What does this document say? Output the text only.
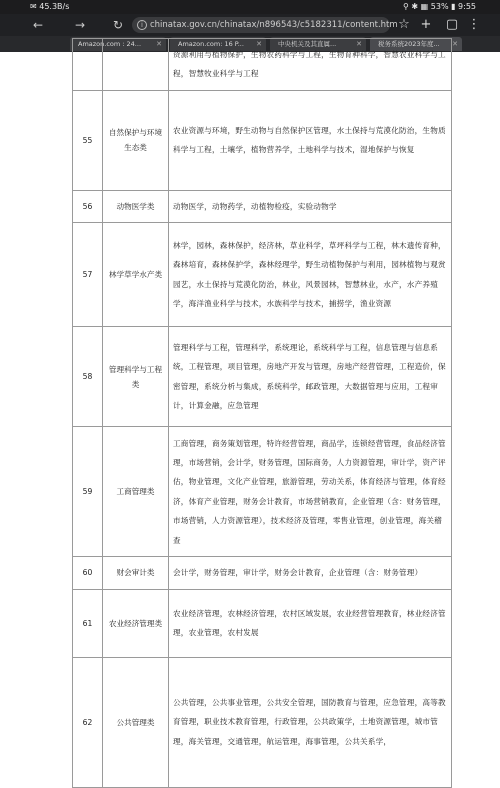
✉ 45.3B/s	⚲ ✱ ▦ 53% ▮ 9:55
←	→ ↻	i chinatax.gov.cn/chinatax/n896543/c5182311/content.htm ☆ + ▢ ⋮
Amazon.com : 24... ✕	Amazon.com: 16 P... ✕	中央机关及其直属...	✕	税务系统2023年度... ✕
		资源利用与植物保护，生物农药科学与工程，生物育种科学，智慧农业科学与工程，智慧牧业科学与工程
55	自然保护与环境生态类	农业资源与环境，野生动物与自然保护区管理，水土保持与荒漠化防治，生物质科学与工程，土壤学，植物营养学，土地科学与技术，湿地保护与恢复
56	动物医学类	动物医学，动物药学，动植物检疫，实验动物学
57	林学草学水产类	林学，园林，森林保护，经济林，草业科学，草坪科学与工程，林木遗传育种，森林培育，森林保护学，森林经理学，野生动植物保护与利用，园林植物与观赏园艺，水土保持与荒漠化防治，林业，风景园林，智慧林业，水产，水产养殖学，海洋渔业科学与技术，水族科学与技术，捕捞学，渔业资源
58	管理科学与工程类	管理科学与工程，管理科学，系统理论，系统科学与工程，信息管理与信息系统，工程管理，项目管理，房地产开发与管理，房地产经营管理，工程造价，保密管理，系统分析与集成，系统科学，邮政管理，大数据管理与应用，工程审计，计算金融，应急管理
59	工商管理类	工商管理，商务策划管理，特许经营管理，商品学，连锁经营管理，食品经济管理，市场营销，会计学，财务管理，国际商务，人力资源管理，审计学，资产评估，物业管理，文化产业管理，旅游管理，劳动关系，体育经济与管理，体育经济，体育产业管理，财务会计教育，市场营销教育，企业管理（含：财务管理，市场营销，人力资源管理），技术经济及管理，零售业管理，创业管理，海关稽查
60	财会审计类	会计学，财务管理，审计学，财务会计教育，企业管理（含：财务管理）
61	农业经济管理类	农业经济管理，农林经济管理，农村区域发展，农业经营管理教育，林业经济管理，农业管理，农村发展
62	公共管理类	公共管理，公共事业管理，公共安全管理，国防教育与管理，应急管理，高等教育管理，职业技术教育管理，行政管理，公共政策学，土地资源管理，城市管理，海关管理，交通管理，航运管理，海事管理，公共关系学，
